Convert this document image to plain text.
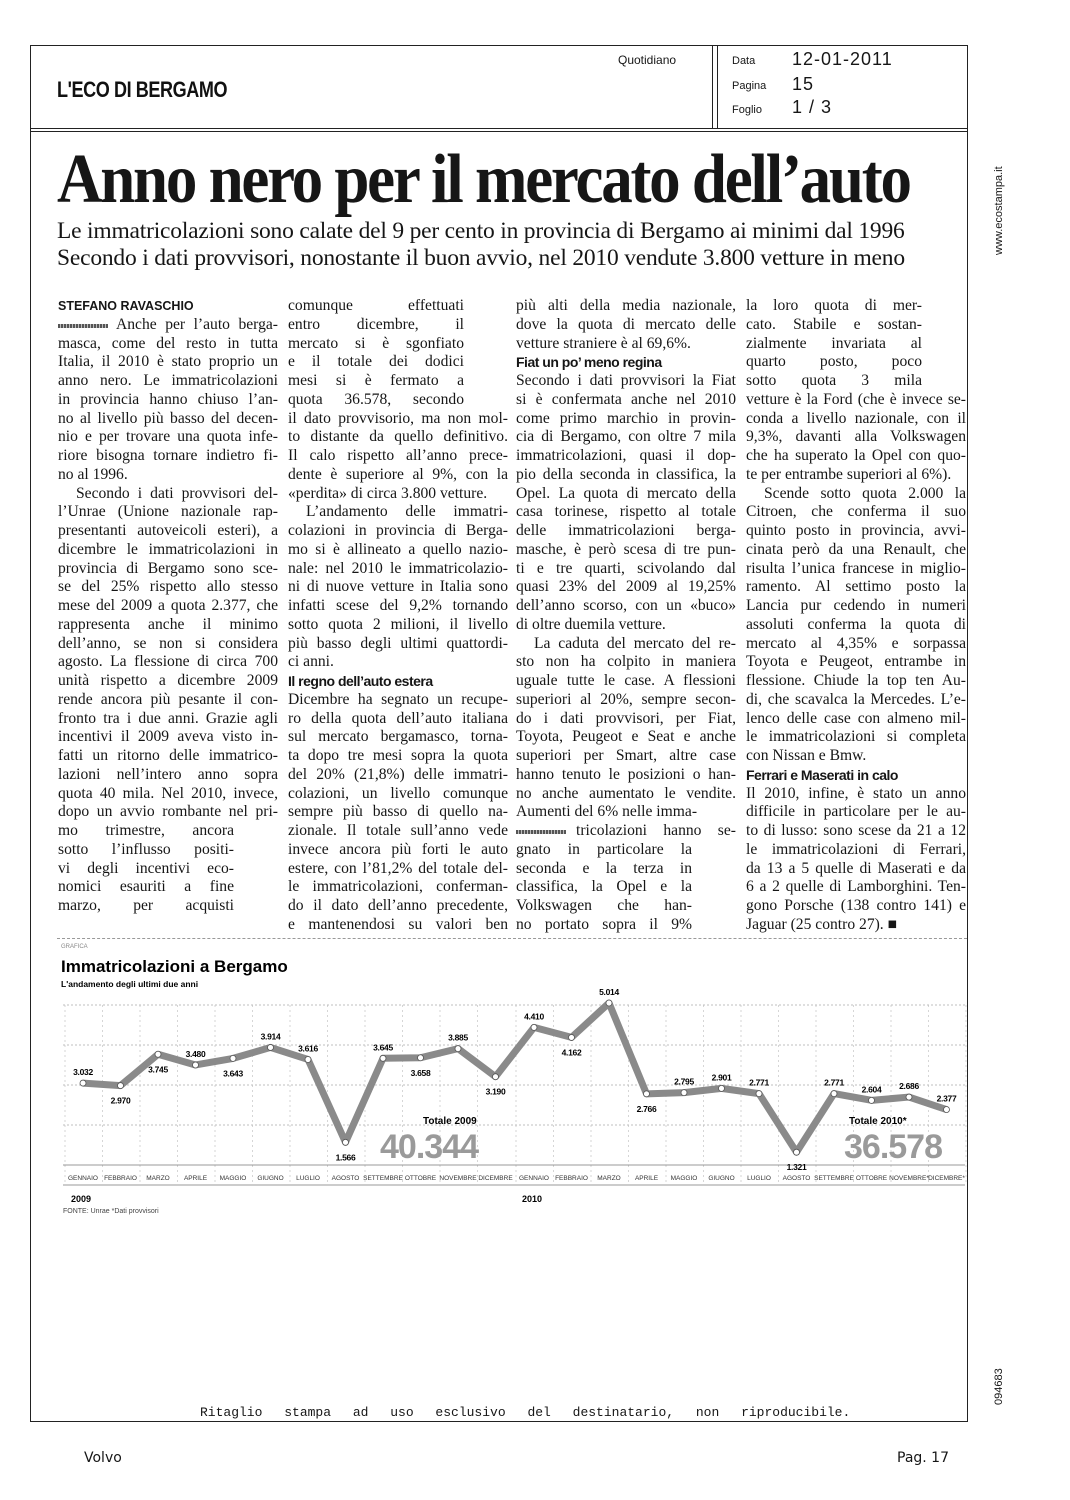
L'ECO DI BERGAMO
Quotidiano	Data 12-01-2011
Pagina 15
Foglio 1 / 3
www.ecostampa.it
094683
Anno nero per il mercato dell’auto
Le immatricolazioni sono calate del 9 per cento in provincia di Bergamo ai minimi dal 1996
Secondo i dati provvisori, nonostante il buon avvio, nel 2010 vendute 3.800 vetture in meno
STEFANO RAVASCHIO
Anche per l’auto berga-
masca, come del resto in tutta
Italia, il 2010 è stato proprio un
anno nero. Le immatricolazioni
in provincia hanno chiuso l’an-
no al livello più basso del decen-
nio e per trovare una quota infe-
riore bisogna tornare indietro fi-
no al 1996.
Secondo i dati provvisori del-
l’Unrae (Unione nazionale rap-
presentanti autoveicoli esteri), a
dicembre le immatricolazioni in
provincia di Bergamo sono sce-
se del 25% rispetto allo stesso
mese del 2009 a quota 2.377, che
rappresenta anche il minimo
dell’anno, se non si considera
agosto. La flessione di circa 700
unità rispetto a dicembre 2009
rende ancora più pesante il con-
fronto tra i due anni. Grazie agli
incentivi il 2009 aveva visto in-
fatti un ritorno delle immatrico-
lazioni nell’intero anno sopra
quota 40 mila. Nel 2010, invece,
dopo un avvio rombante nel pri-
mo trimestre, ancora
sotto l’influsso positi-
vi degli incentivi eco-
nomici esauriti a fine
marzo, per acquisti
comunque effettuati
entro dicembre, il
mercato si è sgonfiato
e il totale dei dodici
mesi si è fermato a
quota 36.578, secondo
il dato provvisorio, ma non mol-
to distante da quello definitivo.
Il calo rispetto all’anno prece-
dente è superiore al 9%, con la
«perdita» di circa 3.800 vetture.
L’andamento delle immatri-
colazioni in provincia di Berga-
mo si è allineato a quello nazio-
nale: nel 2010 le immatricolazio-
ni di nuove vetture in Italia sono
infatti scese del 9,2% tornando
sotto quota 2 milioni, il livello
più basso degli ultimi quattordi-
ci anni.
Il regno dell’auto estera
Dicembre ha segnato un recupe-
ro della quota dell’auto italiana
sul mercato bergamasco, torna-
ta dopo tre mesi sopra la quota
del 20% (21,8%) delle immatri-
colazioni, un livello comunque
sempre più basso di quello na-
zionale. Il totale sull’anno vede
invece ancora più forti le auto
estere, con l’81,2% del totale del-
le immatricolazioni, conferman-
do il dato dell’anno precedente,
e mantenendosi su valori ben
più alti della media nazionale,
dove la quota di mercato delle
vetture straniere è al 69,6%.
Fiat un po’ meno regina
Secondo i dati provvisori la Fiat
si è confermata anche nel 2010
come primo marchio in provin-
cia di Bergamo, con oltre 7 mila
immatricolazioni, quasi il dop-
pio della seconda in classifica, la
Opel. La quota di mercato della
casa torinese, rispetto al totale
delle immatricolazioni berga-
masche, è però scesa di tre pun-
ti e tre quarti, scivolando dal
quasi 23% del 2009 al 19,25%
dell’anno scorso, con un «buco»
di oltre duemila vetture.
La caduta del mercato del re-
sto non ha colpito in maniera
uguale tutte le case. A flessioni
superiori al 20%, sempre secon-
do i dati provvisori, per Fiat,
Toyota, Peugeot e Seat e anche
superiori per Smart, altre case
hanno tenuto le posizioni o han-
no anche aumentato le vendite.
Aumenti del 6% nelle imma-
tricolazioni hanno se-
gnato in particolare la
seconda e la terza in
classifica, la Opel e la
Volkswagen che han-
no portato sopra il 9%
la loro quota di mer-
cato. Stabile e sostan-
zialmente invariata al
quarto posto, poco
sotto quota 3 mila
vetture è la Ford (che è invece se-
conda a livello nazionale, con il
9,3%, davanti alla Volkswagen
che ha superato la Opel con quo-
te per entrambe superiori al 6%).
Scende sotto quota 2.000 la
Citroen, che conferma il suo
quinto posto in provincia, avvi-
cinata però da una Renault, che
risulta l’unica francese in miglio-
ramento. Al settimo posto la
Lancia pur cedendo in numeri
assoluti conferma la quota di
mercato al 4,35% e sorpassa
Toyota e Peugeot, entrambe in
flessione. Chiude la top ten Au-
di, che scavalca la Mercedes. L’e-
lenco delle case con almeno mil-
le immatricolazioni si completa
con Nissan e Bmw.
Ferrari e Maserati in calo
Il 2010, infine, è stato un anno
difficile in particolare per le au-
to di lusso: sono scese da 21 a 12
le immatricolazioni di Ferrari,
da 13 a 5 quelle di Maserati e da
6 a 2 quelle di Lamborghini. Ten-
gono Porsche (138 contro 141) e
Jaguar (25 contro 27). ■
GRAFICA
Immatricolazioni a Bergamo
L'andamento degli ultimi due anni
3.032
2.970
3.745
3.480
3.643
3.914
3.616
1.566
3.645
3.658
3.885
3.190
4.410
4.162
5.014
2.766
2.795 2.901
2.771
1.321
2.771
2.604 2.686
2.377
GENNAIO FEBBRAIO MARZO APRILE MAGGIO GIUGNO LUGLIO AGOSTO SETTEMBRE OTTOBRE NOVEMBRE DICEMBRE GENNAIO FEBBRAIO MARZO APRILE MAGGIO GIUGNO LUGLIO AGOSTO SETTEMBRE OTTOBRE NOVEMBRE* DICEMBRE*
2009	2010
FONTE: Unrae *Dati provvisori
Totale 2009
40.344
Totale 2010*
36.578
Ritaglio stampa ad uso esclusivo del destinatario, non riproducibile.
Volvo	Pag. 17
